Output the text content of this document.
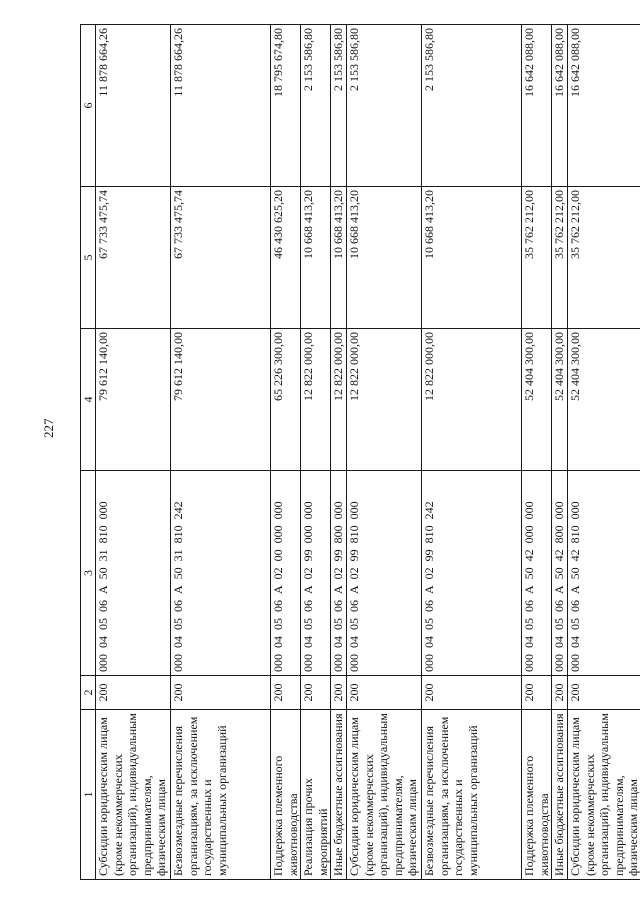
227
1	2	3	4	5	6
Субсидии юридическим лицам (кроме некоммерческих организаций), индивидуальным предпринимателям, физическим лицам	200	000 04 05 06 А 50 31 810 000	79 612 140,00	67 733 475,74	11 878 664,26
Безвозмездные перечисления организациям, за исключением государственных и муниципальных организаций	200	000 04 05 06 А 50 31 810 242	79 612 140,00	67 733 475,74	11 878 664,26
Поддержка племенного животноводства	200	000 04 05 06 А 02 00 000 000	65 226 300,00	46 430 625,20	18 795 674,80
Реализация прочих мероприятий	200	000 04 05 06 А 02 99 000 000	12 822 000,00	10 668 413,20	2 153 586,80
Иные бюджетные ассигнования	200	000 04 05 06 А 02 99 800 000	12 822 000,00	10 668 413,20	2 153 586,80
Субсидии юридическим лицам (кроме некоммерческих организаций), индивидуальным предпринимателям, физическим лицам	200	000 04 05 06 А 02 99 810 000	12 822 000,00	10 668 413,20	2 153 586,80
Безвозмездные перечисления организациям, за исключением государственных и муниципальных организаций	200	000 04 05 06 А 02 99 810 242	12 822 000,00	10 668 413,20	2 153 586,80
Поддержка племенного животноводства	200	000 04 05 06 А 50 42 000 000	52 404 300,00	35 762 212,00	16 642 088,00
Иные бюджетные ассигнования	200	000 04 05 06 А 50 42 800 000	52 404 300,00	35 762 212,00	16 642 088,00
Субсидии юридическим лицам (кроме некоммерческих организаций), индивидуальным предпринимателям, физическим лицам	200	000 04 05 06 А 50 42 810 000	52 404 300,00	35 762 212,00	16 642 088,00
